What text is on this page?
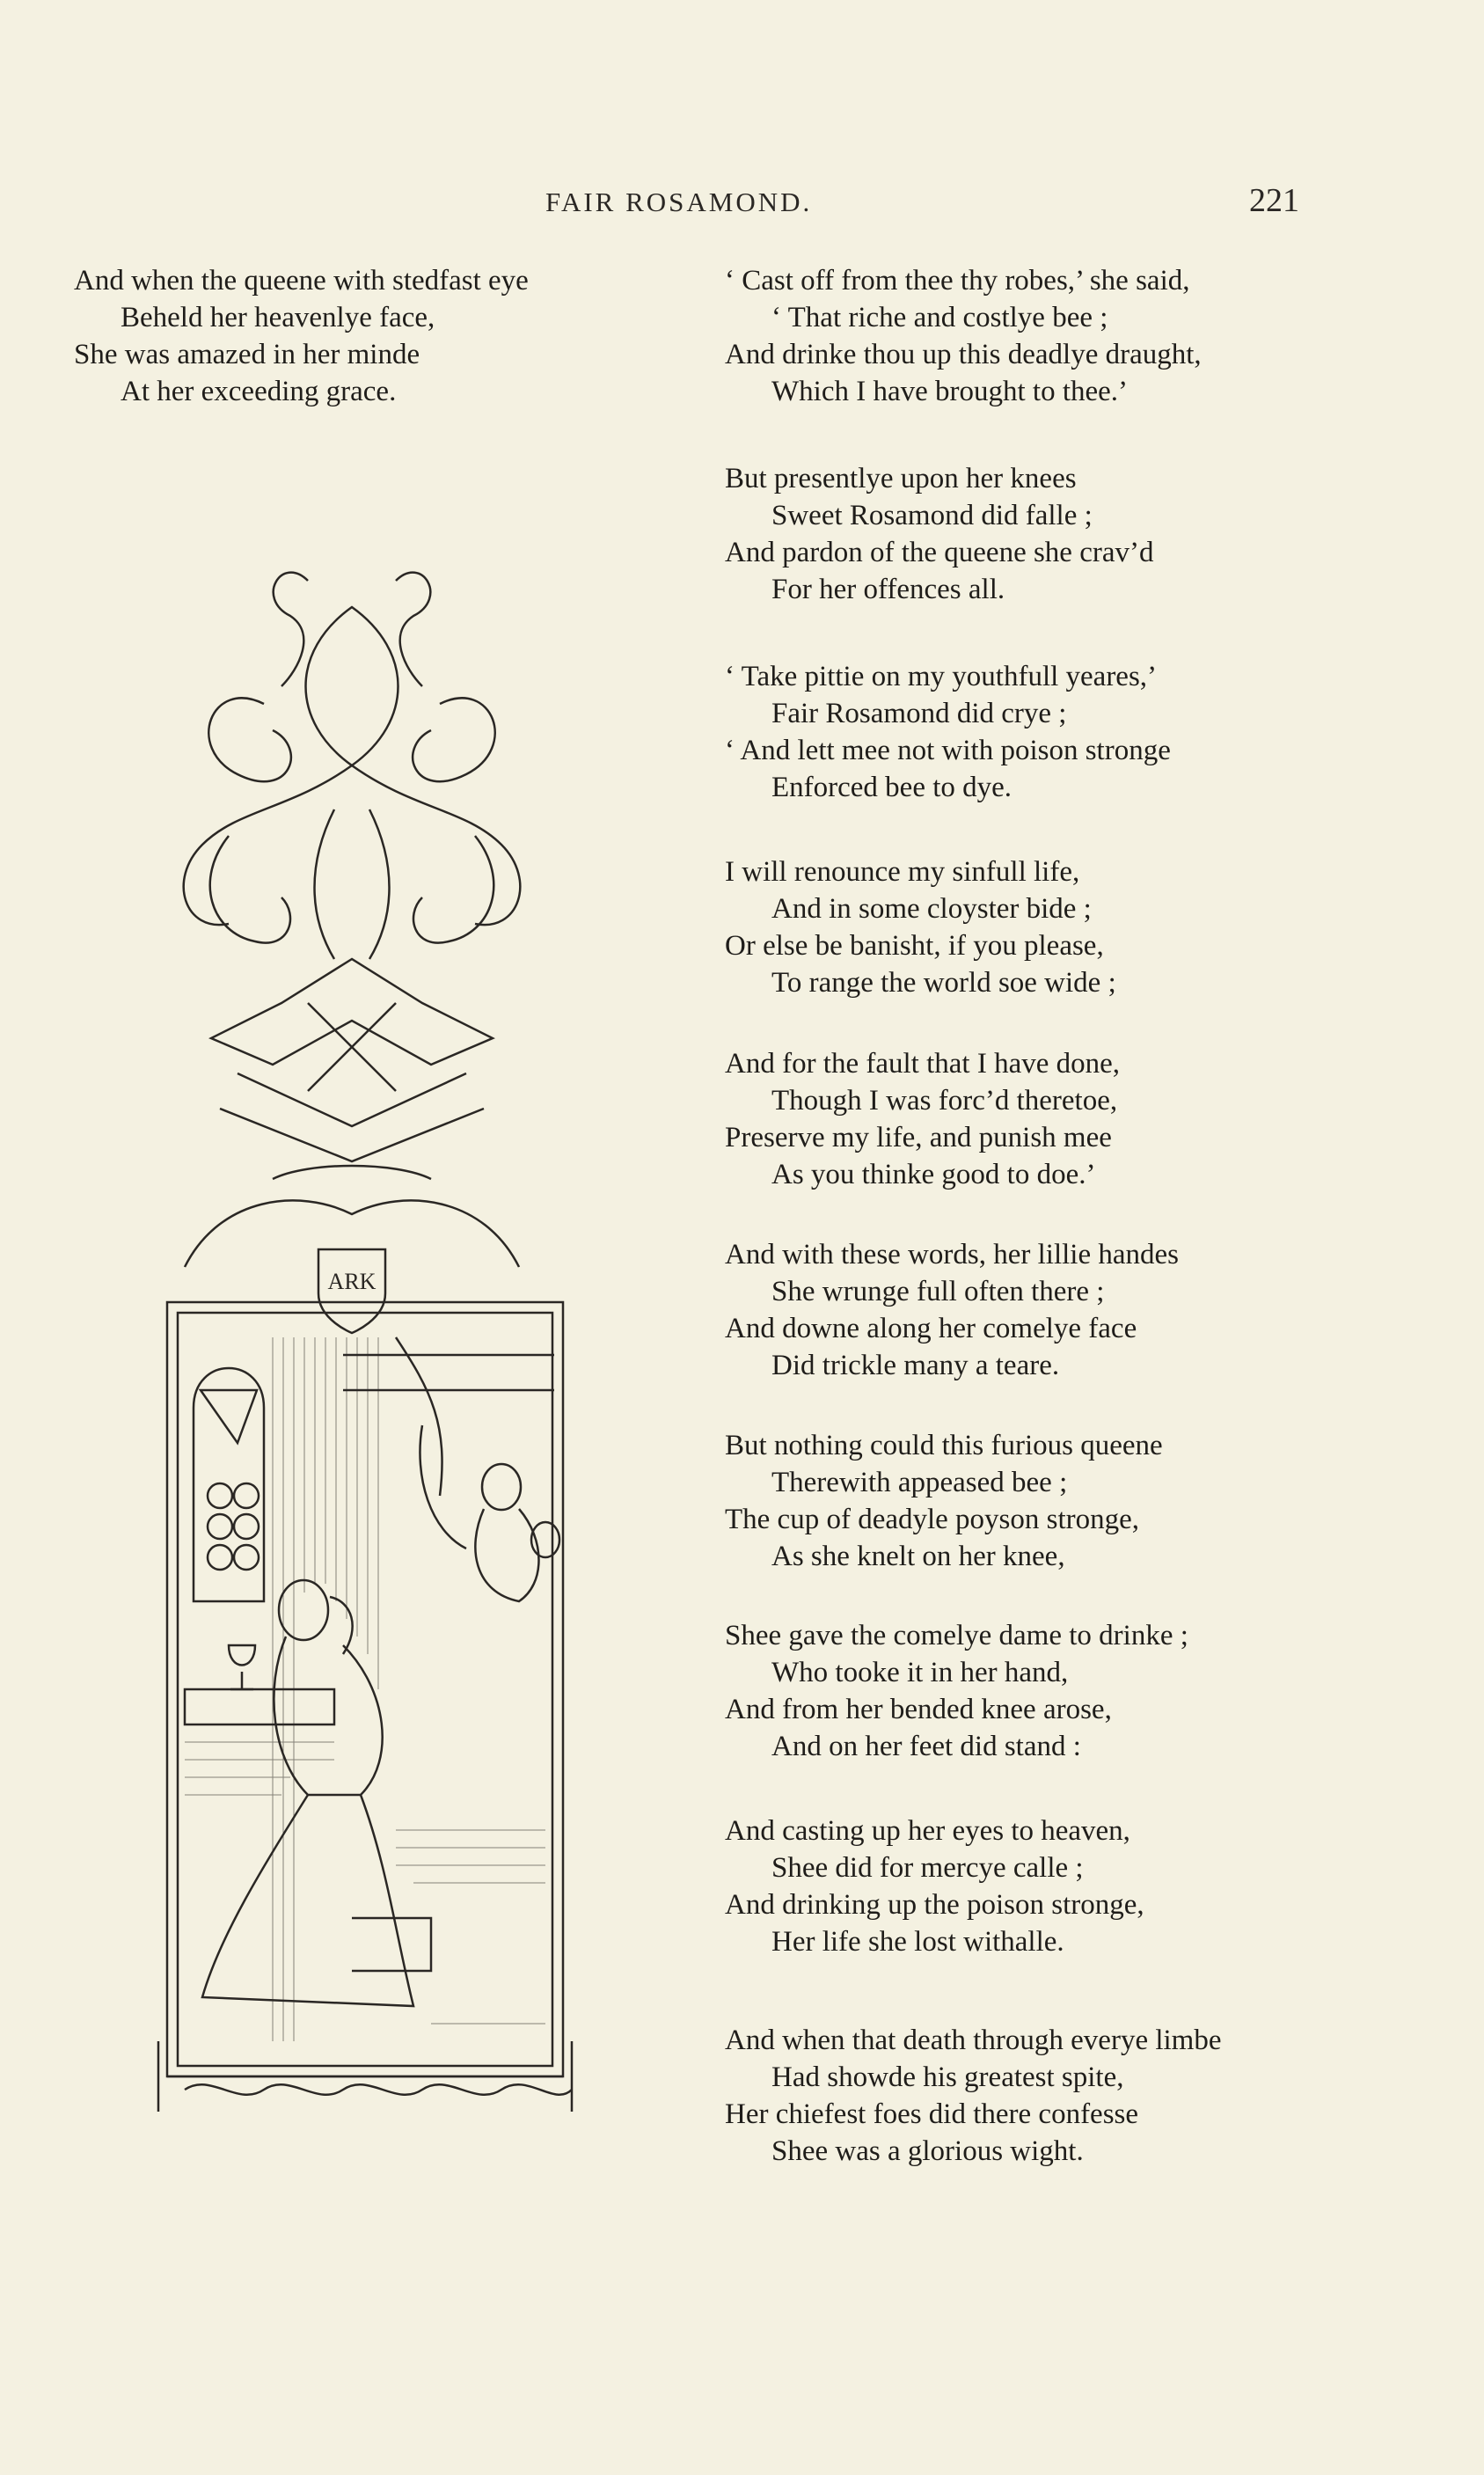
FAIR ROSAMOND.	221
And when the queene with stedfast eye
Beheld her heavenlye face,
She was amazed in her minde
At her exceeding grace.
ARK
‘ Cast off from thee thy robes,’ she said,
‘ That riche and costlye bee ;
And drinke thou up this deadlye draught,
Which I have brought to thee.’
But presentlye upon her knees
Sweet Rosamond did falle ;
And pardon of the queene she crav’d
For her offences all.
‘ Take pittie on my youthfull yeares,’
Fair Rosamond did crye ;
‘ And lett mee not with poison stronge
Enforced bee to dye.
I will renounce my sinfull life,
And in some cloyster bide ;
Or else be banisht, if you please,
To range the world soe wide ;
And for the fault that I have done,
Though I was forc’d theretoe,
Preserve my life, and punish mee
As you thinke good to doe.’
And with these words, her lillie handes
She wrunge full often there ;
And downe along her comelye face
Did trickle many a teare.
But nothing could this furious queene
Therewith appeased bee ;
The cup of deadyle poyson stronge,
As she knelt on her knee,
Shee gave the comelye dame to drinke ;
Who tooke it in her hand,
And from her bended knee arose,
And on her feet did stand :
And casting up her eyes to heaven,
Shee did for mercye calle ;
And drinking up the poison stronge,
Her life she lost withalle.
And when that death through everye limbe
Had showde his greatest spite,
Her chiefest foes did there confesse
Shee was a glorious wight.
